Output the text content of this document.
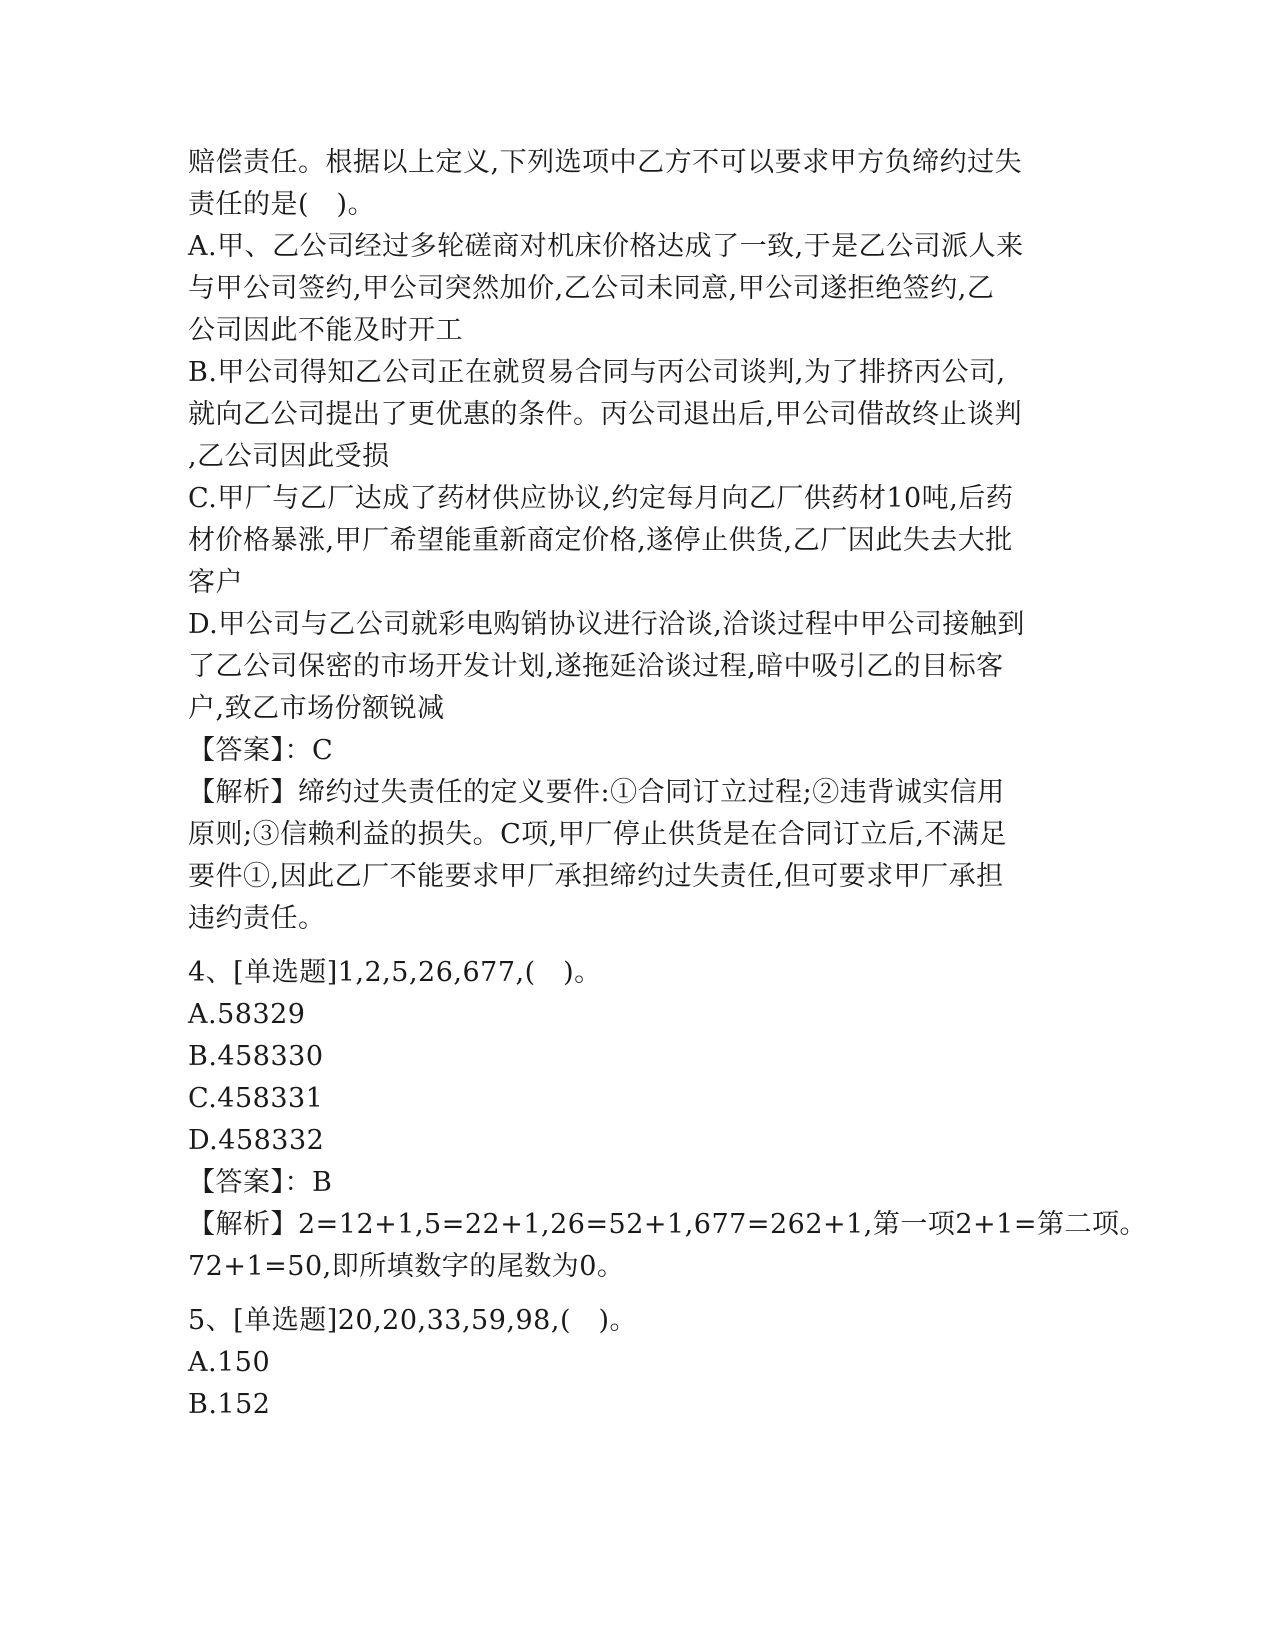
赔偿责任。根据以上定义,下列选项中乙方不可以要求甲方负缔约过失
责任的是(　)。
A.甲、乙公司经过多轮磋商对机床价格达成了一致,于是乙公司派人来
与甲公司签约,甲公司突然加价,乙公司未同意,甲公司遂拒绝签约,乙
公司因此不能及时开工
B.甲公司得知乙公司正在就贸易合同与丙公司谈判,为了排挤丙公司,
就向乙公司提出了更优惠的条件。丙公司退出后,甲公司借故终止谈判
,乙公司因此受损
C.甲厂与乙厂达成了药材供应协议,约定每月向乙厂供药材10吨,后药
材价格暴涨,甲厂希望能重新商定价格,遂停止供货,乙厂因此失去大批
客户
D.甲公司与乙公司就彩电购销协议进行洽谈,洽谈过程中甲公司接触到
了乙公司保密的市场开发计划,遂拖延洽谈过程,暗中吸引乙的目标客
户,致乙市场份额锐减
【答案】：C
【解析】缔约过失责任的定义要件:①合同订立过程;②违背诚实信用
原则;③信赖利益的损失。C项,甲厂停止供货是在合同订立后,不满足
要件①,因此乙厂不能要求甲厂承担缔约过失责任,但可要求甲厂承担
违约责任。
4、[单选题]1,2,5,26,677,(　)。
A.58329
B.458330
C.458331
D.458332
【答案】：B
【解析】2=12+1,5=22+1,26=52+1,677=262+1,第一项2+1=第二项。
72+1=50,即所填数字的尾数为0。
5、[单选题]20,20,33,59,98,(　)。
A.150
B.152
